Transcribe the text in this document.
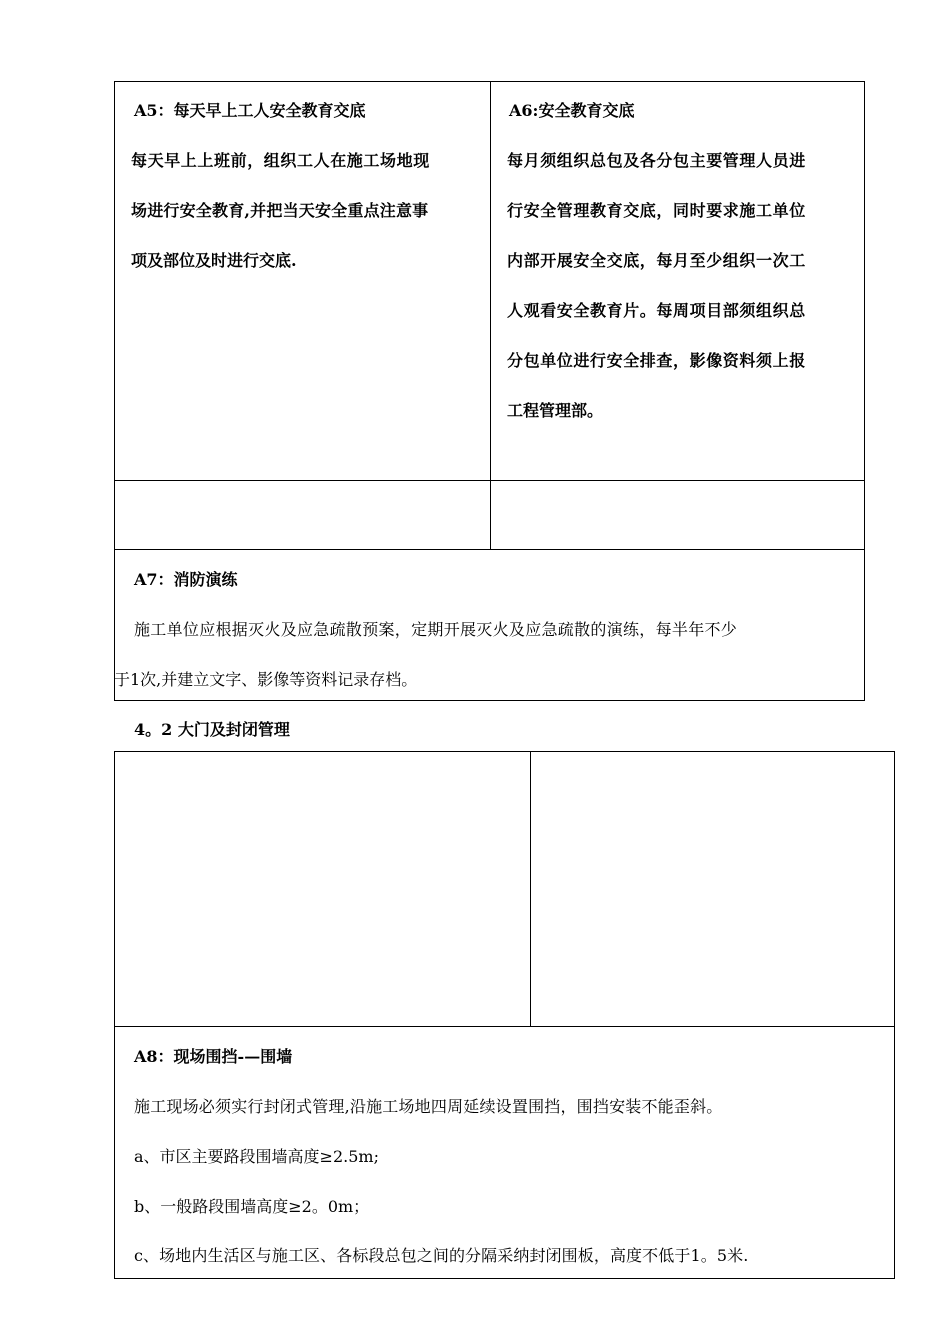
A5：每天早上工人安全教育交底
每天早上上班前，组织工人在施工场地现
场进行安全教育,并把当天安全重点注意事
项及部位及时进行交底.
A6:安全教育交底
每月须组织总包及各分包主要管理人员进
行安全管理教育交底，同时要求施工单位
内部开展安全交底，每月至少组织一次工
人观看安全教育片。每周项目部须组织总
分包单位进行安全排查，影像资料须上报
工程管理部。
A7：消防演练
施工单位应根据灭火及应急疏散预案，定期开展灭火及应急疏散的演练，每半年不少
于1次,并建立文字、影像等资料记录存档。
4。2 大门及封闭管理
A8：现场围挡-—围墙
施工现场必须实行封闭式管理,沿施工场地四周延续设置围挡，围挡安装不能歪斜。
a、市区主要路段围墙高度≥2.5m;
b、一般路段围墙高度≥2。0m；
c、场地内生活区与施工区、各标段总包之间的分隔采纳封闭围板，高度不低于1。5米.
